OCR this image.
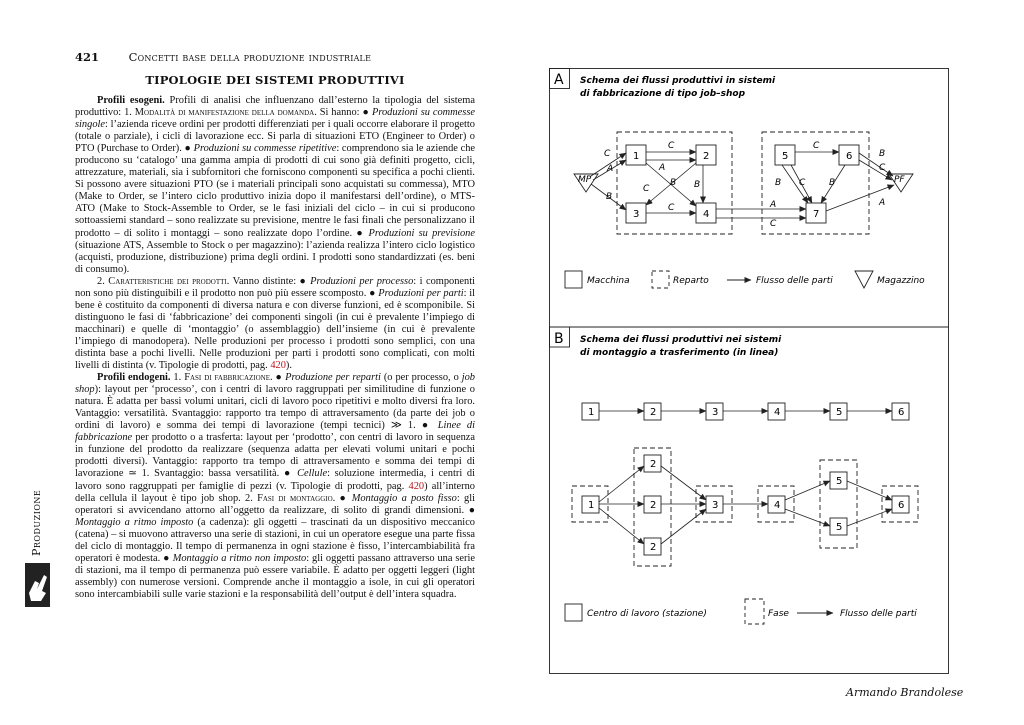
421	Concetti base della produzione industriale
TIPOLOGIE DEI SISTEMI PRODUTTIVI

Profili esogeni. Profili di analisi che influenzano dall’esterno la tipologia del sistema produttivo: 1. Modalità di manifestazione della domanda. Si hanno: ● Produzioni su commesse singole: l’azienda riceve ordini per prodotti differenziati per i quali occorre elaborare il progetto (totale o parziale), i cicli di lavorazione ecc. Si parla di situazioni ETO (Engineer to Order) o PTO (Purchase to Order). ● Produzioni su commesse ripetitive: comprendono sia le aziende che producono su ‘catalogo’ una gamma ampia di prodotti di cui sono già definiti progetto, cicli, attrezzature, materiali, sia i subfornitori che forniscono componenti su specifica a pochi clienti. Si possono avere situazioni PTO (se i materiali principali sono acquistati su commessa), MTO (Make to Order, se l’intero ciclo produttivo inizia dopo il manifestarsi dell’ordine), o MTS-ATO (Make to Stock-Assemble to Order, se le fasi iniziali del ciclo – in cui si producono sottoassiemi standard – sono realizzate su previsione, mentre le fasi finali che personalizzano il prodotto – di solito i montaggi – sono realizzate dopo l’ordine. ● Produzioni su previsione (situazione ATS, Assemble to Stock o per magazzino): l’azienda realizza l’intero ciclo logistico (acquisti, produzione, distribuzione) prima degli ordini. I prodotti sono standardizzati (es. beni di consumo).

2. Caratteristiche dei prodotti. Vanno distinte: ● Produzioni per processo: i componenti non sono più distinguibili e il prodotto non può più essere scomposto. ● Produzioni per parti: il bene è costituito da componenti di diversa natura e con diverse funzioni, ed è scomponibile. Si distinguono le fasi di ‘fabbricazione’ dei componenti singoli (in cui è prevalente l’impiego di macchinari) e quelle di ‘montaggio’ (o assemblaggio) dell’insieme (in cui è prevalente l’impiego di manodopera). Nelle produzioni per processo i prodotti sono semplici, con una distinta base a pochi livelli. Nelle produzioni per parti i prodotti sono complicati, con molti livelli di distinta (v. Tipologie di prodotti, pag. 420).

Profili endogeni. 1. Fasi di fabbricazione. ● Produzione per reparti (o per processo, o job shop): layout per ‘processo’, con i centri di lavoro raggruppati per similitudine di funzione o natura. È adatta per bassi volumi unitari, cicli di lavoro poco ripetitivi e molto diversi fra loro. Vantaggio: versatilità. Svantaggio: rapporto tra tempo di attraversamento (da parte dei job o ordini di lavoro) e somma dei tempi di lavorazione (tempi tecnici) ≫ 1. ● Linee di fabbricazione per prodotto o a trasferta: layout per ‘prodotto’, con centri di lavoro in sequenza in funzione del prodotto da realizzare (sequenza adatta per elevati volumi unitari e pochi prodotti diversi). Vantaggio: rapporto tra tempo di attraversamento e somma dei tempi di lavorazione ≃ 1. Svantaggio: bassa versatilità. ● Cellule: soluzione intermedia, i centri di lavoro sono raggruppati per famiglie di pezzi (v. Tipologie di prodotti, pag. 420) all’interno della cellula il layout è tipo job shop. 2. Fasi di montaggio. ● Montaggio a posto fisso: gli operatori si avvicendano attorno all’oggetto da realizzare, di solito di grandi dimensioni. ● Montaggio a ritmo imposto (a cadenza): gli oggetti – trascinati da un dispositivo meccanico (catena) – si muovono attraverso una serie di stazioni, in cui un operatore esegue una parte fissa del ciclo di montaggio. Il tempo di permanenza in ogni stazione è fisso, l’intercambiabilità fra operatori è modesta. ● Montaggio a ritmo non imposto: gli oggetti passano attraverso una serie di stazioni, ma il tempo di permanenza può essere variabile. È adatto per oggetti leggeri (light assembly) con numerose versioni. Comprende anche il montaggio a isole, in cui gli operatori sono intercambiabili sulle varie stazioni e la responsabilità dell’output è dell’intera squadra.

Produzione
Armando Brandolese
A Schema dei flussi produttivi in sistemi
di fabbricazione di tipo job–shop
1	2
3	4
5	6
7
MP	PF
C
A
B
C
A
C
B
C
B
C
B C	B
B
C
A
C
A
Macchina	Reparto	Flusso delle parti	Magazzino
B Schema dei flussi produttivi nei sistemi
di montaggio a trasferimento (in linea)
1	2	3	4	5	6
1
2
2
2
3	4
5
5
6
Centro di lavoro (stazione)	Fase	Flusso delle parti
